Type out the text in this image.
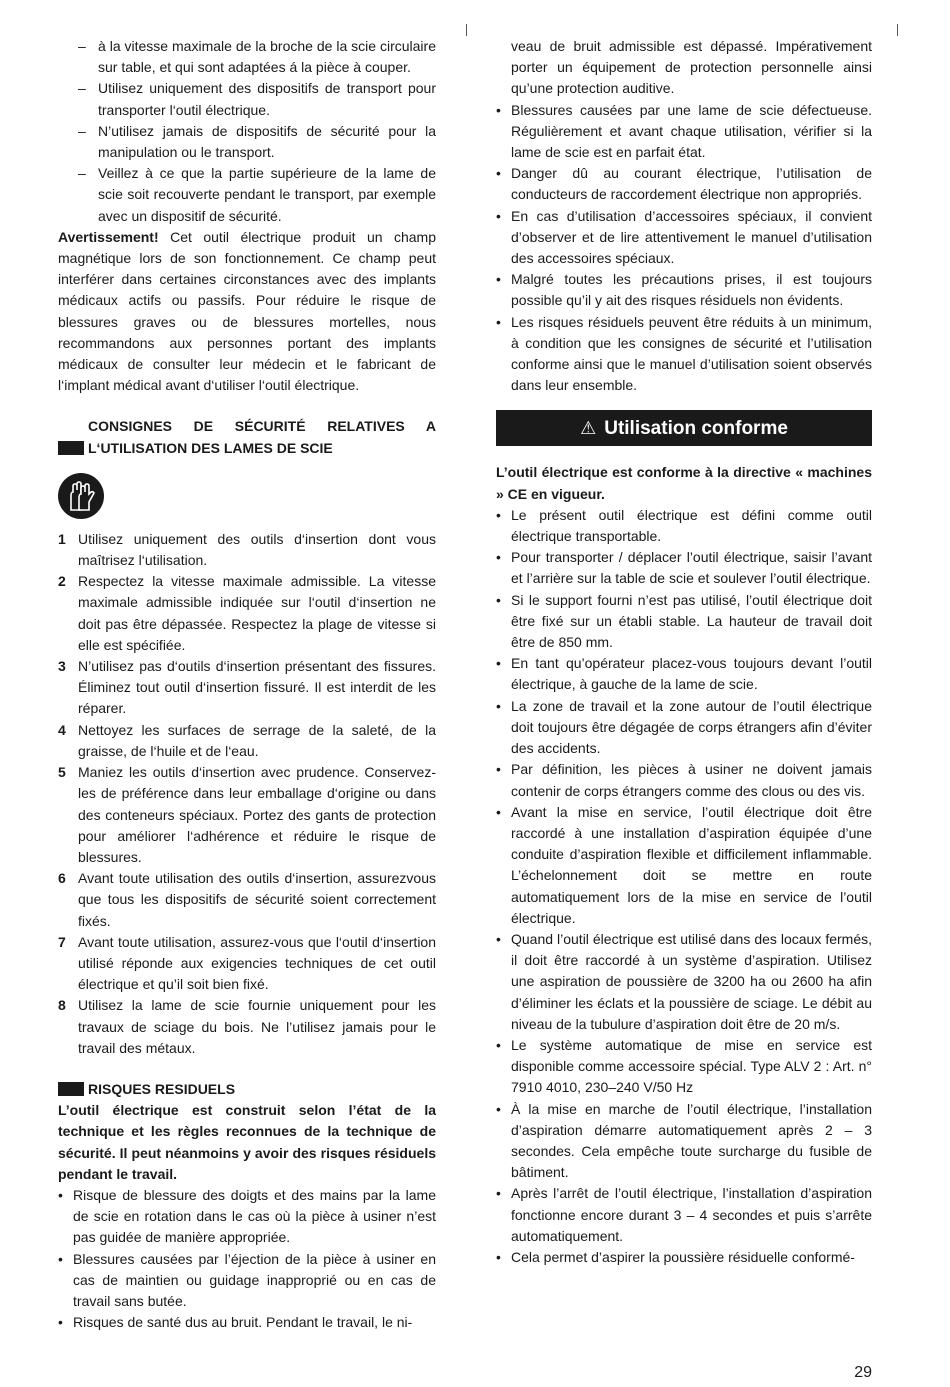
– à la vitesse maximale de la broche de la scie circulaire sur table, et qui sont adaptées á la pièce à couper.
– Utilisez uniquement des dispositifs de transport pour transporter l‘outil électrique.
– N’utilisez jamais de dispositifs de sécurité pour la manipulation ou le transport.
– Veillez à ce que la partie supérieure de la lame de scie soit recouverte pendant le transport, par exemple avec un dispositif de sécurité.

Avertissement! Cet outil électrique produit un champ magnétique lors de son fonctionnement. Ce champ peut interférer dans certaines circonstances avec des implants médicaux actifs ou passifs. Pour réduire le risque de blessures graves ou de blessures mortelles, nous recommandons aux personnes portant des implants médicaux de consulter leur médecin et le fabricant de l‘implant médical avant d‘utiliser l‘outil électrique.

CONSIGNES DE SÉCURITÉ RELATIVES A
L‘UTILISATION DES LAMES DE SCIE
1 Utilisez uniquement des outils d‘insertion dont vous maîtrisez l‘utilisation.
2 Respectez la vitesse maximale admissible. La vitesse maximale admissible indiquée sur l‘outil d‘insertion ne doit pas être dépassée. Respectez la plage de vitesse si elle est spécifiée.
3 N’utilisez pas d‘outils d‘insertion présentant des fissures. Éliminez tout outil d‘insertion fissuré. Il est interdit de les réparer.
4 Nettoyez les surfaces de serrage de la saleté, de la graisse, de l‘huile et de l‘eau.
5 Maniez les outils d‘insertion avec prudence. Conservez-les de préférence dans leur emballage d‘origine ou dans des conteneurs spéciaux. Portez des gants de protection pour améliorer l‘adhérence et réduire le risque de blessures.
6 Avant toute utilisation des outils d‘insertion, assurezvous que tous les dispositifs de sécurité soient correctement fixés.
7 Avant toute utilisation, assurez-vous que l‘outil d‘insertion utilisé réponde aux exigencies techniques de cet outil électrique et qu’il soit bien fixé.
8 Utilisez la lame de scie fournie uniquement pour les travaux de sciage du bois. Ne l’utilisez jamais pour le travail des métaux.
RISQUES RESIDUELS

L’outil électrique est construit selon l’état de la technique et les règles reconnues de la technique de sécurité. Il peut néanmoins y avoir des risques résiduels pendant le travail.

• Risque de blessure des doigts et des mains par la lame de scie en rotation dans le cas où la pièce à usiner n’est pas guidée de manière appropriée.
• Blessures causées par l’éjection de la pièce à usiner en cas de maintien ou guidage inapproprié ou en cas de travail sans butée.
• Risques de santé dus au bruit. Pendant le travail, le ni-

veau de bruit admissible est dépassé. Impérativement porter un équipement de protection personnelle ainsi qu’une protection auditive.

• Blessures causées par une lame de scie défectueuse. Régulièrement et avant chaque utilisation, vérifier si la lame de scie est en parfait état.
• Danger dû au courant électrique, l’utilisation de conducteurs de raccordement électrique non appropriés.
• En cas d’utilisation d’accessoires spéciaux, il convient d’observer et de lire attentivement le manuel d’utilisation des accessoires spéciaux.
• Malgré toutes les précautions prises, il est toujours possible qu’il y ait des risques résiduels non évidents.
• Les risques résiduels peuvent être réduits à un minimum, à condition que les consignes de sécurité et l’utilisation conforme ainsi que le manuel d’utilisation soient observés dans leur ensemble.
⚠ Utilisation conforme

L’outil électrique est conforme à la directive « machines » CE en vigueur.

• Le présent outil électrique est défini comme outil électrique transportable.
• Pour transporter / déplacer l’outil électrique, saisir l’avant et l’arrière sur la table de scie et soulever l’outil électrique.
• Si le support fourni n’est pas utilisé, l’outil électrique doit être fixé sur un établi stable. La hauteur de travail doit être de 850 mm.
• En tant qu’opérateur placez-vous toujours devant l’outil électrique, à gauche de la lame de scie.
• La zone de travail et la zone autour de l’outil électrique doit toujours être dégagée de corps étrangers afin d’éviter des accidents.
• Par définition, les pièces à usiner ne doivent jamais contenir de corps étrangers comme des clous ou des vis.
• Avant la mise en service, l’outil électrique doit être raccordé à une installation d’aspiration équipée d’une conduite d’aspiration flexible et difficilement inflammable. L’échelonnement doit se mettre en route automatiquement lors de la mise en service de l’outil électrique.
• Quand l’outil électrique est utilisé dans des locaux fermés, il doit être raccordé à un système d’aspiration. Utilisez une aspiration de poussière de 3200 ha ou 2600 ha afin d’éliminer les éclats et la poussière de sciage. Le débit au niveau de la tubulure d’aspiration doit être de 20 m/s.
• Le système automatique de mise en service est disponible comme accessoire spécial. Type ALV 2 : Art. n° 7910 4010, 230–240 V/50 Hz
• À la mise en marche de l’outil électrique, l’installation d’aspiration démarre automatiquement après 2 – 3 secondes. Cela empêche toute surcharge du fusible de bâtiment.
• Après l’arrêt de l’outil électrique, l’installation d’aspiration fonctionne encore durant 3 – 4 secondes et puis s’arrête automatiquement.
• Cela permet d’aspirer la poussière résiduelle conformé-
29
